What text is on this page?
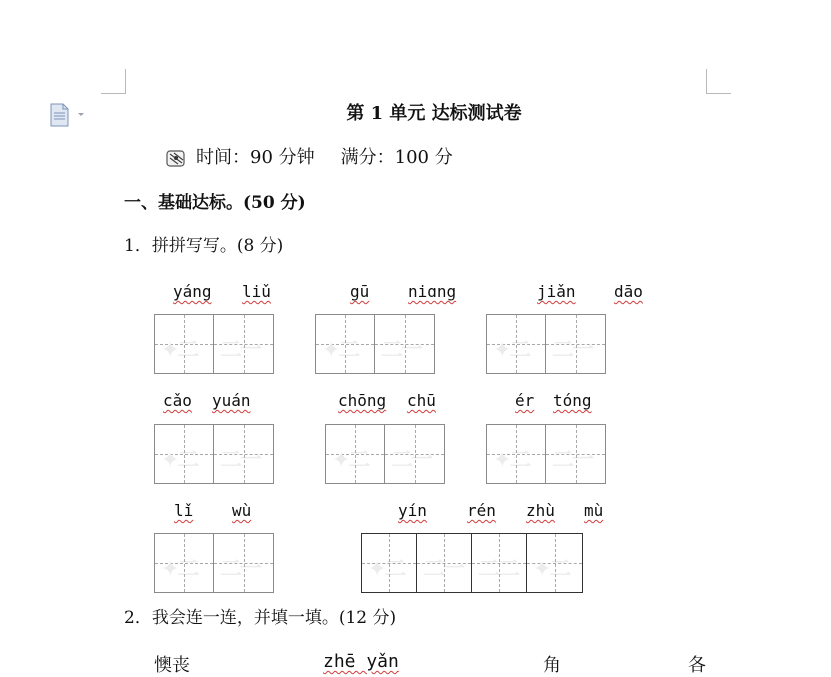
第 1 单元 达标测试卷
时间： 90 分钟 满分： 100 分
一、基础达标。(50 分)
1．拼拼写写。(8 分)
yáng liǔ	gū niɑng	jiǎn dāo
✦二 二一	✦二 二一	✦二 二一
cǎo yuán	chōng chū	ér tóng
✦二 二一	✦二 二一	✦二 二一
lǐ wù	yín	rén zhù mù
✦二 二一	✦二 二一 二二 ✦二
2．我会连一连，并填一填。(12 分)
懊丧	zhē yǎn	角	各
